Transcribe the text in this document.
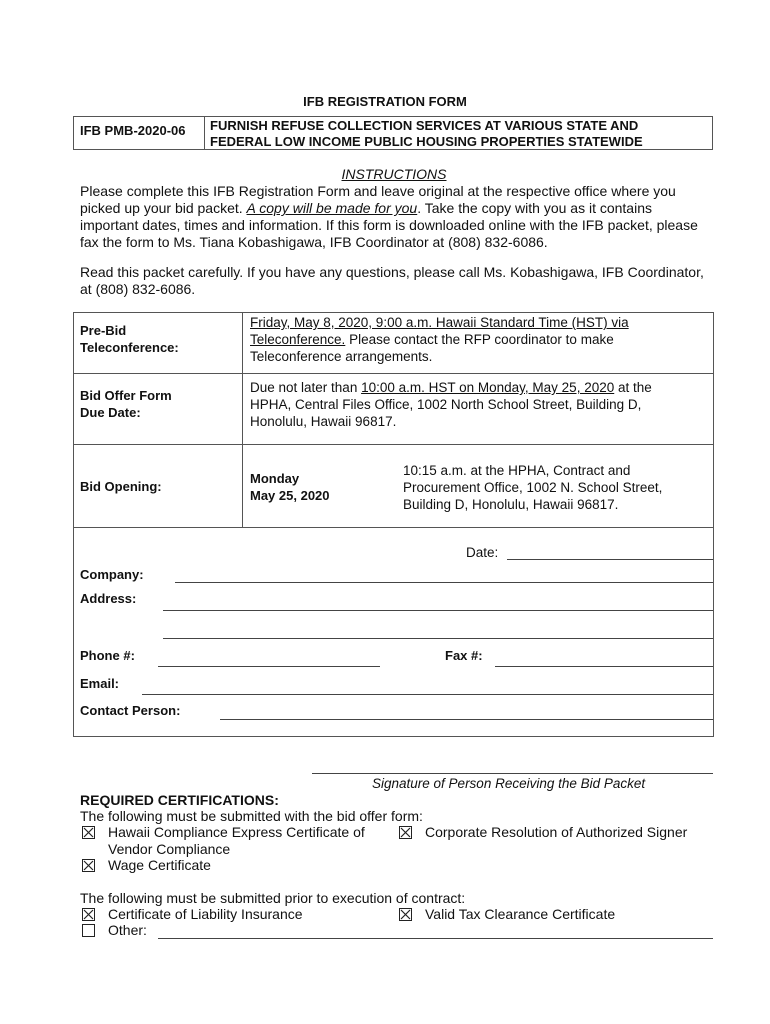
IFB REGISTRATION FORM
IFB PMB-2020-06 FURNISH REFUSE COLLECTION SERVICES AT VARIOUS STATE AND
FEDERAL LOW INCOME PUBLIC HOUSING PROPERTIES STATEWIDE
INSTRUCTIONS
Please complete this IFB Registration Form and leave original at the respective office where you
picked up your bid packet. A copy will be made for you. Take the copy with you as it contains
important dates, times and information. If this form is downloaded online with the IFB packet, please
fax the form to Ms. Tiana Kobashigawa, IFB Coordinator at (808) 832-6086.
Read this packet carefully. If you have any questions, please call Ms. Kobashigawa, IFB Coordinator,
at (808) 832-6086.
Pre-Bid
Teleconference:
Friday, May 8, 2020, 9:00 a.m. Hawaii Standard Time (HST) via
Teleconference. Please contact the RFP coordinator to make
Teleconference arrangements.
Bid Offer Form
Due Date:
Due not later than 10:00 a.m. HST on Monday, May 25, 2020 at the
HPHA, Central Files Office, 1002 North School Street, Building D,
Honolulu, Hawaii 96817.
Bid Opening:
Monday
May 25, 2020
10:15 a.m. at the HPHA, Contract and
Procurement Office, 1002 N. School Street,
Building D, Honolulu, Hawaii 96817.
Date:
Company:
Address:
Phone #:	Fax #:
Email:
Contact Person:
Signature of Person Receiving the Bid Packet
REQUIRED CERTIFICATIONS:
The following must be submitted with the bid offer form:
Hawaii Compliance Express Certificate of
Vendor Compliance
Corporate Resolution of Authorized Signer
Wage Certificate
The following must be submitted prior to execution of contract:
Certificate of Liability Insurance	Valid Tax Clearance Certificate
Other:
